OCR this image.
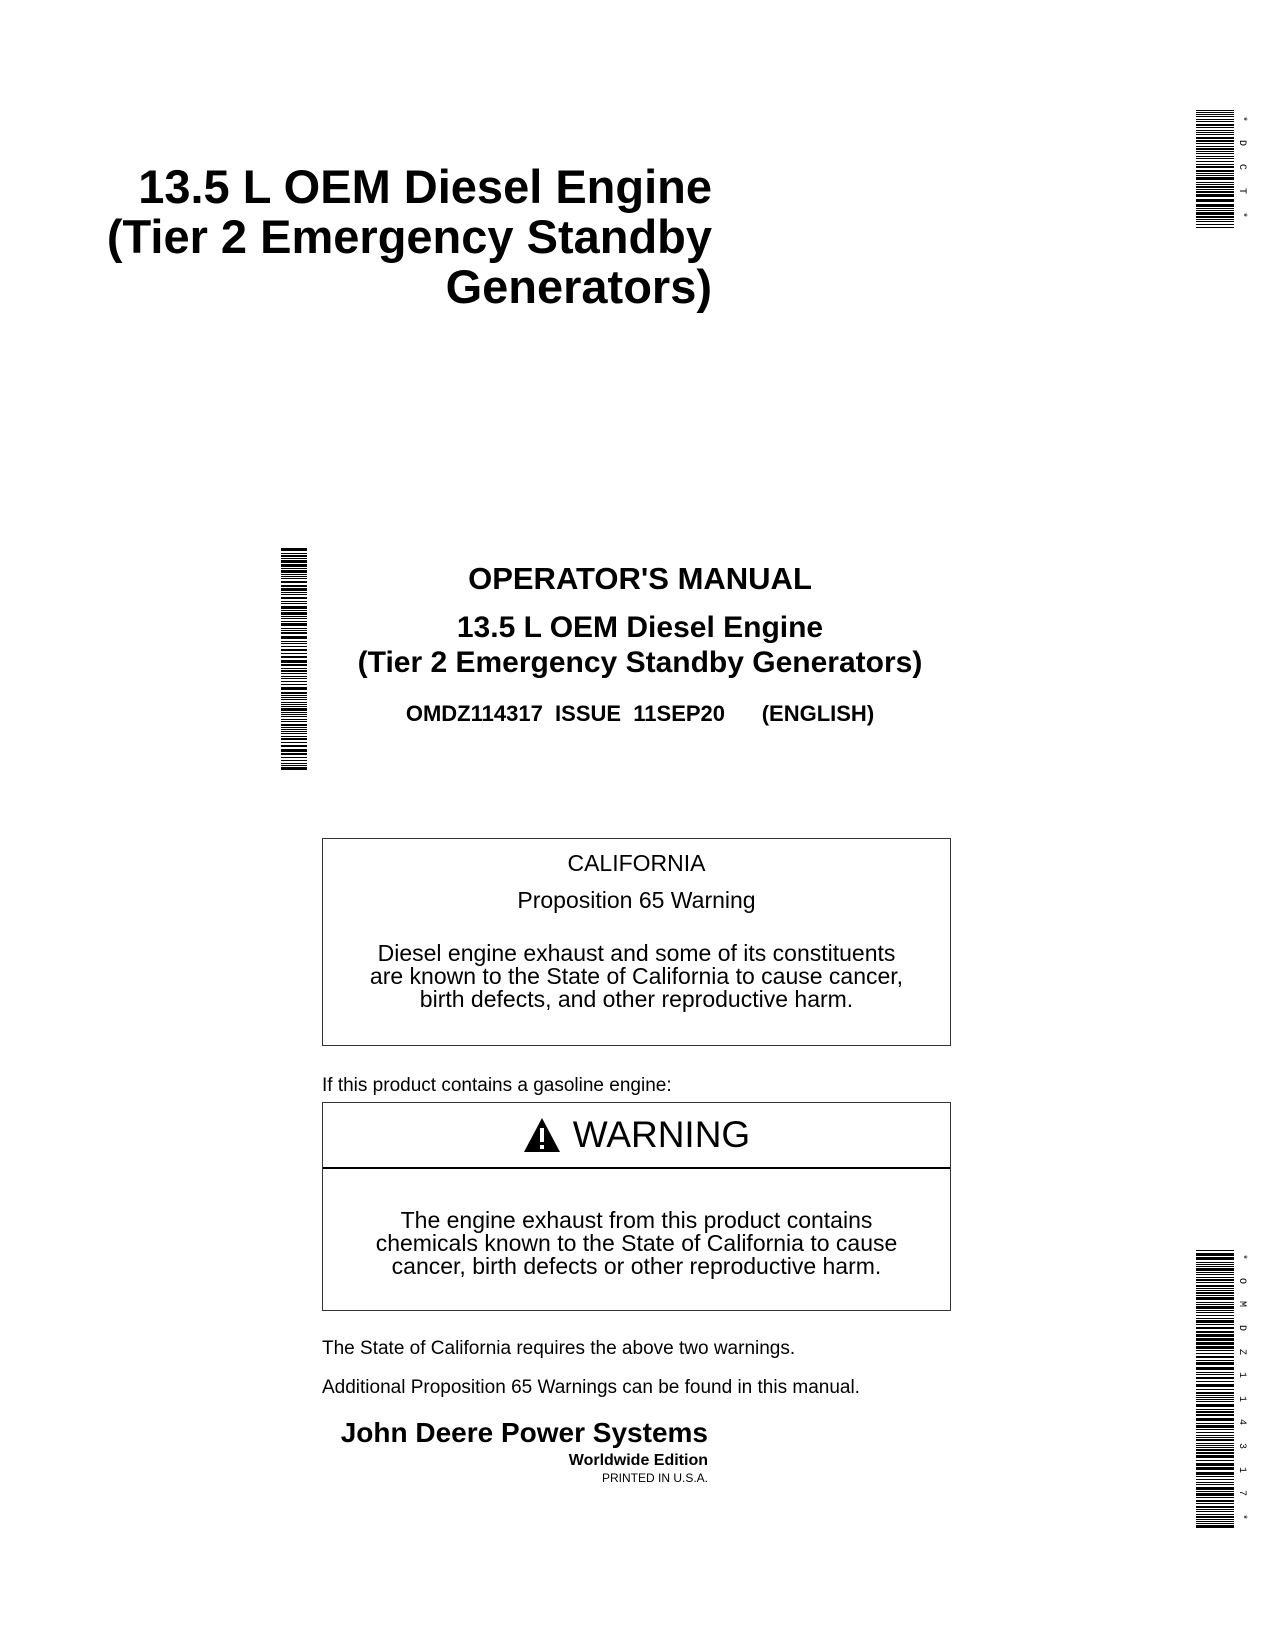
13.5 L OEM Diesel Engine
(Tier 2 Emergency Standby
Generators)
*
D
C
T
*
*
O
M
D
Z
1
1
4
3
1
7
*
OPERATOR'S MANUAL
13.5 L OEM Diesel Engine
(Tier 2 Emergency Standby Generators)
OMDZ114317  ISSUE  11SEP20      (ENGLISH)
CALIFORNIA
Proposition 65 Warning
Diesel engine exhaust and some of its constituents
are known to the State of California to cause cancer,
birth defects, and other reproductive harm.
If this product contains a gasoline engine:
WARNING
The engine exhaust from this product contains
chemicals known to the State of California to cause
cancer, birth defects or other reproductive harm.
The State of California requires the above two warnings.
Additional Proposition 65 Warnings can be found in this manual.
John Deere Power Systems
Worldwide Edition
PRINTED IN U.S.A.
